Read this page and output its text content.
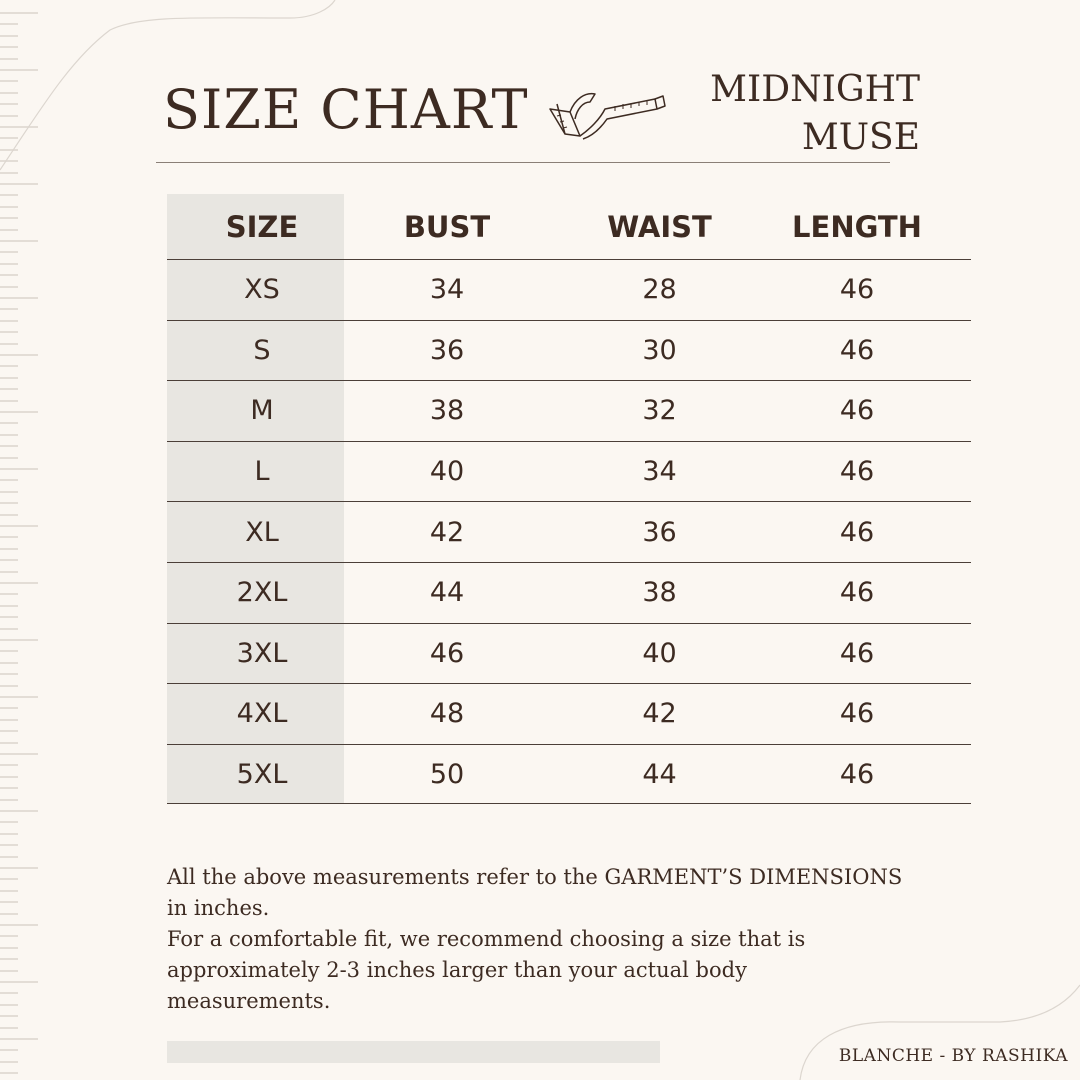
SIZE CHART	MIDNIGHT
MUSE
SIZE	BUST	WAIST	LENGTH
XS	34	28	46
S	36	30	46
M	38	32	46
L	40	34	46
XL	42	36	46
2XL	44	38	46
3XL	46	40	46
4XL	48	42	46
5XL	50	44	46
All the above measurements refer to the GARMENT’S DIMENSIONS in inches.
For a comfortable fit, we recommend choosing a size that is approximately 2-3 inches larger than your actual body measurements.
BLANCHE - BY RASHIKA
